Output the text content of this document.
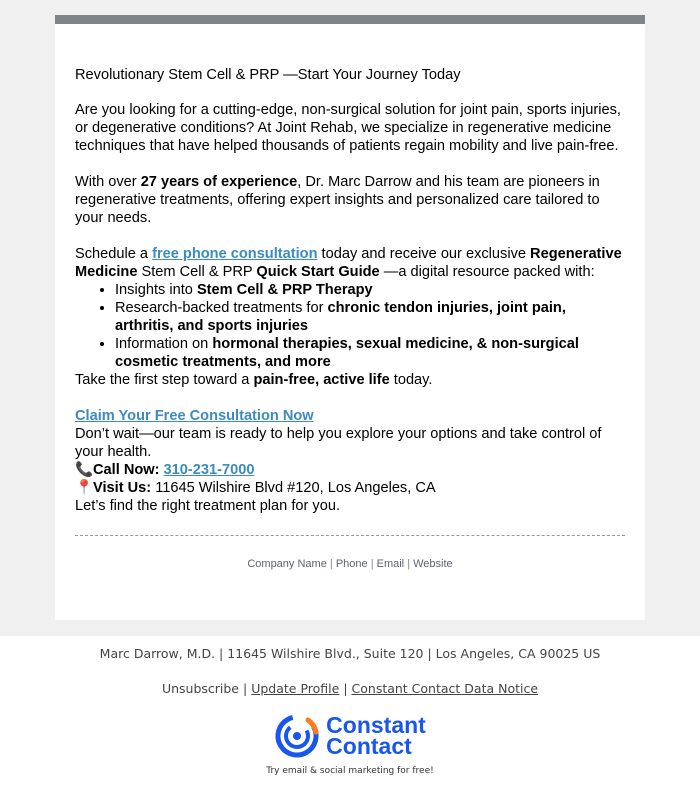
Revolutionary Stem Cell & PRP —Start Your Journey Today

Are you looking for a cutting-edge, non-surgical solution for joint pain, sports injuries, or degenerative conditions? At Joint Rehab, we specialize in regenerative medicine techniques that have helped thousands of patients regain mobility and live pain-free.

With over 27 years of experience, Dr. Marc Darrow and his team are pioneers in regenerative treatments, offering expert insights and personalized care tailored to your needs.

Schedule a free phone consultation today and receive our exclusive Regenerative Medicine Stem Cell & PRP Quick Start Guide —a digital resource packed with:

• Insights into Stem Cell & PRP Therapy
• Research-backed treatments for chronic tendon injuries, joint pain, arthritis, and sports injuries
• Information on hormonal therapies, sexual medicine, & non-surgical cosmetic treatments, and more

Take the first step toward a pain-free, active life today.

Claim Your Free Consultation Now

Don’t wait—our team is ready to help you explore your options and take control of your health.

📞Call Now: 310-231-7000

📍Visit Us: 11645 Wilshire Blvd #120, Los Angeles, CA

Let’s find the right treatment plan for you.

Company Name | Phone | Email | Website
Marc Darrow, M.D. | 11645 Wilshire Blvd., Suite 120 | Los Angeles, CA 90025 US
Unsubscribe | Update Profile | Constant Contact Data Notice
Constant
Contact
Try email & social marketing for free!
